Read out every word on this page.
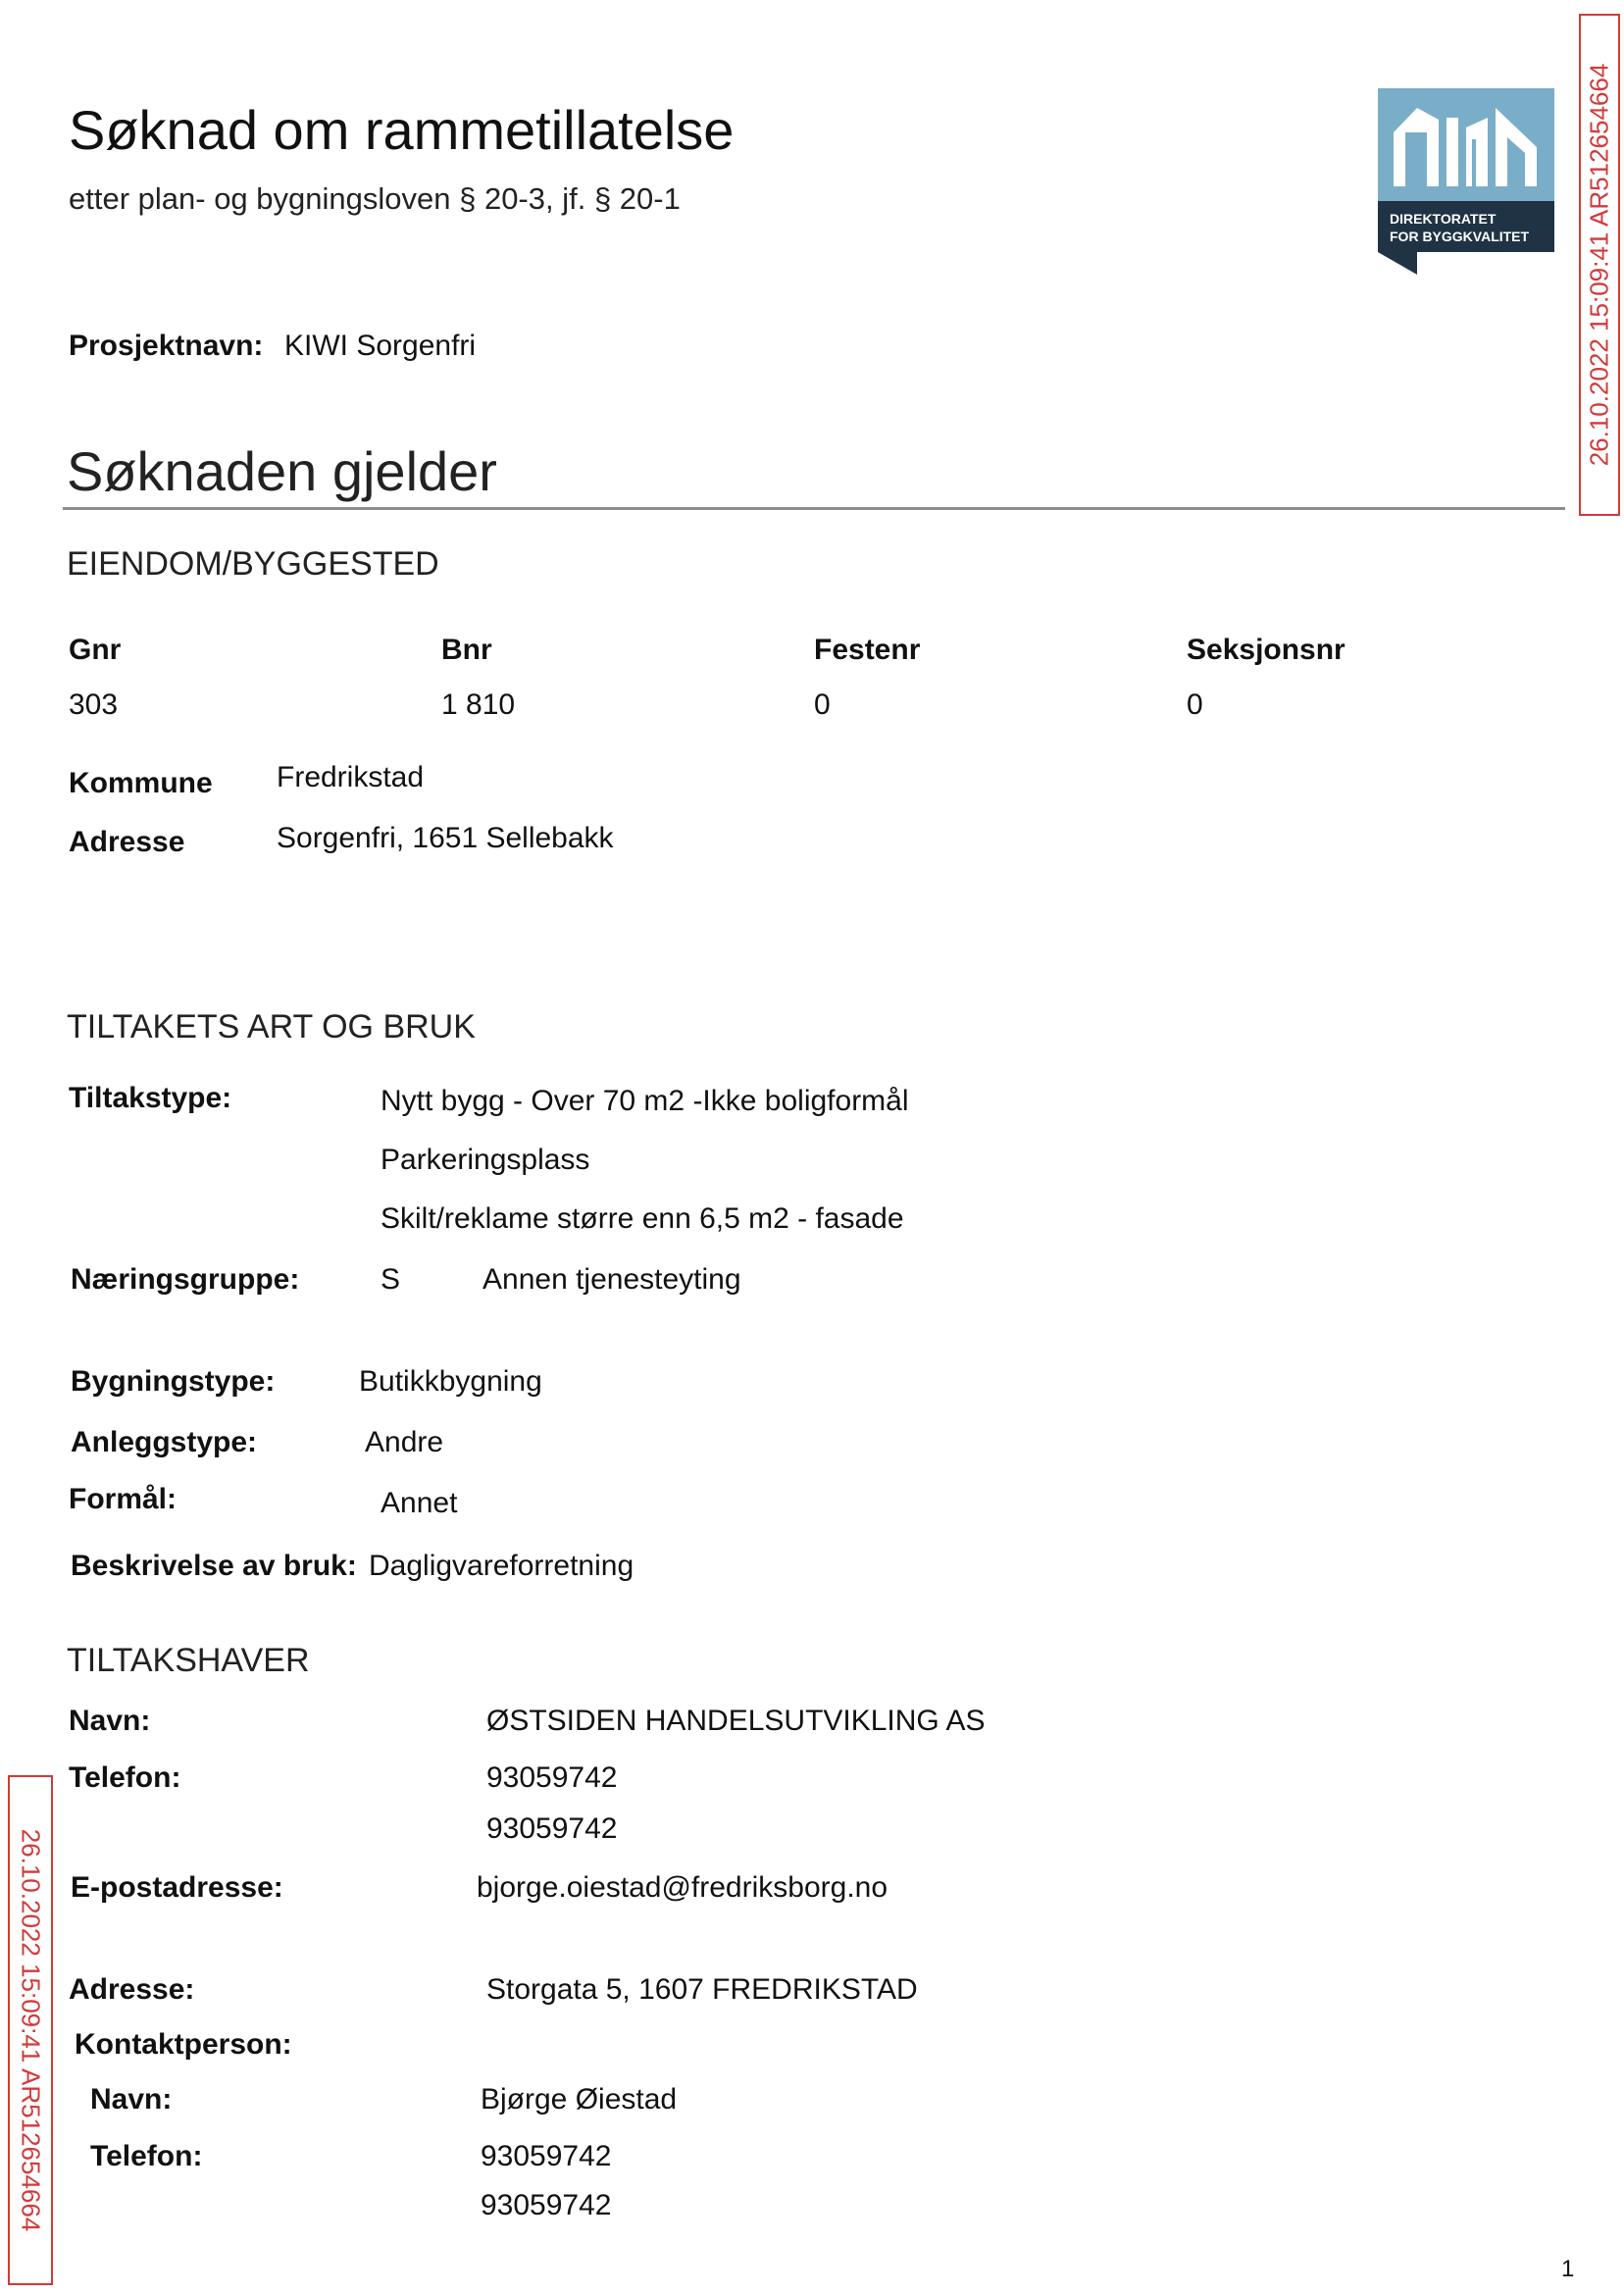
Søknad om rammetillatelse
etter plan- og bygningsloven § 20-3, jf. § 20-1
DIREKTORATET
FOR BYGGKVALITET 26.10.2022 15:09:41 AR512654664
26.10.2022 15:09:41 AR512654664
Prosjektnavn: KIWI Sorgenfri
Søknaden gjelder
EIENDOM/BYGGESTED
Gnr	Bnr	Festenr	Seksjonsnr
303	1 810	0	0
Kommune Fredrikstad
Adresse	Sorgenfri, 1651 Sellebakk
TILTAKETS ART OG BRUK
Tiltakstype:	Nytt bygg - Over 70 m2 -Ikke boligformål
Parkeringsplass
Skilt/reklame større enn 6,5 m2 - fasade
Næringsgruppe:	S	Annen tjenesteyting
Bygningstype:	Butikkbygning
Anleggstype:	Andre
Formål:	Annet
Beskrivelse av bruk: Dagligvareforretning
TILTAKSHAVER
Navn:	ØSTSIDEN HANDELSUTVIKLING AS
Telefon:	93059742
93059742
E-postadresse:	bjorge.oiestad@fredriksborg.no
Adresse:	Storgata 5, 1607 FREDRIKSTAD
Kontaktperson:
Navn:	Bjørge Øiestad
Telefon:	93059742
93059742
1
